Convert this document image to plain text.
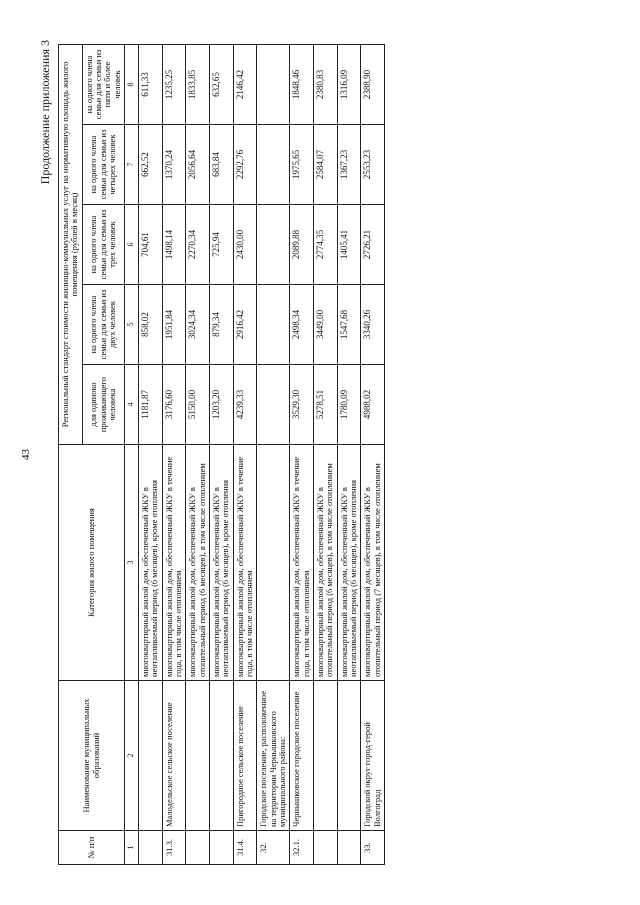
43
Продолжение приложения 3
№ п/п	Наименование муниципальных образований	Категория жилого помещения	Региональный стандарт стоимости жилищно-коммунальных услуг на нормативную площадь жилого помещения (рублей в месяц)				
			для одиноко проживающего человека	на одного члена семьи для семьи из двух человек	на одного члена семьи для семьи из трех человек	на одного члена семьи для семьи из четырех человек	на одного члена семьи для семьи из пяти и более человек
1	2	3	4	5	6	7	8
		многоквартирный жилой дом, обеспеченный ЖКУ в неотапливаемый период (6 месяцев), кроме отопления	1181,87	858,02	704,61	662,52	611,33
31.3.	Малодельское сельское поселение	многоквартирный жилой дом, обеспеченный ЖКУ в течение года, в том числе отоплением	3176,60	1951,84	1498,14	1370,24	1235,25
		многоквартирный жилой дом, обеспеченный ЖКУ в отопительный период (6 месяцев), в том числе отоплением	5150,00	3024,34	2270,34	2056,64	1833,85
		многоквартирный жилой дом, обеспеченный ЖКУ в неотапливаемый период (6 месяцев), кроме отопления	1203,20	879,34	725,94	683,84	632,65
31.4.	Пригородное сельское поселение	многоквартирный жилой дом, обеспеченный ЖКУ в течение года, в том числе отоплением	4239,33	2916,42	2430,00	2292,76	2146,42
32.	Городское поселение, расположенное на территории Чернышковского муниципального района:						
32.1.	Чернышковское городское поселение	многоквартирный жилой дом, обеспеченный ЖКУ в течение года, в том числе отоплением	3529,30	2498,34	2089,88	1975,65	1848,46
		многоквартирный жилой дом, обеспеченный ЖКУ в отопительный период (6 месяцев), в том числе отоплением	5278,51	3449,00	2774,35	2584,07	2380,83
		многоквартирный жилой дом, обеспеченный ЖКУ в неотапливаемый период (6 месяцев), кроме отопления	1780,09	1547,68	1405,41	1367,23	1316,09
33.	Городской округ город-герой Волгоград	многоквартирный жилой дом, обеспеченный ЖКУ в отопительный период (7 месяцев), в том числе отоплением	4988,02	3340,26	2726,21	2553,23	2388,90
